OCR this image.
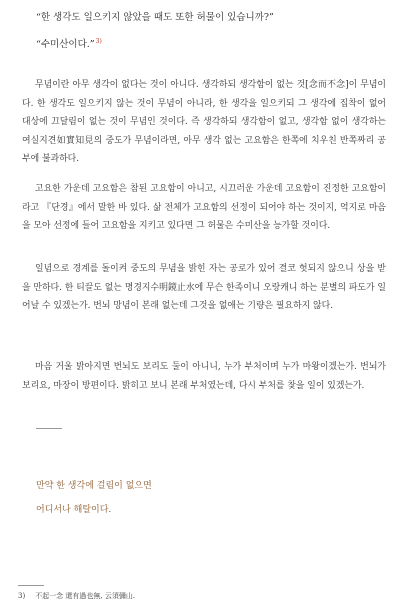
“한 생각도 일으키지 않았을 때도 또한 허물이 있습니까?”
“수미산이다.”$^{3)}$

무념이란 아무 생각이 없다는 것이 아니다. 생각하되 생각함이 없는 것[念而不念]이 무념이다. 한 생각도 일으키지 않는 것이 무념이 아니라, 한 생각을 일으키되 그 생각에 집착이 없어 대상에 끄달림이 없는 것이 무념인 것이다. 즉 생각하되 생각함이 없고, 생각함 없이 생각하는 여실지견如實知見의 중도가 무념이라면, 아무 생각 없는 고요함은 한쪽에 치우친 반쪽짜리 공부에 불과하다.

고요한 가운데 고요함은 참된 고요함이 아니고, 시끄러운 가운데 고요함이 진정한 고요함이라고 『단경』에서 말한 바 있다. 삶 전체가 고요함의 선정이 되어야 하는 것이지, 억지로 마음을 모아 선정에 들어 고요함을 지키고 있다면 그 허물은 수미산을 능가할 것이다.

일념으로 경계를 돌이켜 중도의 무념을 밝힌 자는 공로가 있어 결코 헛되지 않으니 상을 받을 만하다. 한 티끌도 없는 명경지수明鏡止水에 무슨 한족이니 오랑캐니 하는 분별의 파도가 일어날 수 있겠는가. 번뇌 망념이 본래 없는데 그것을 없애는 기량은 필요하지 않다.

마음 거울 밝아지면 번뇌도 보리도 둘이 아니니, 누가 부처이며 누가 마왕이겠는가. 번뇌가 보리요, 마장이 방편이다. 밝히고 보니 본래 부처였는데, 다시 부처를 찾을 일이 있겠는가.

만약 한 생각에 걸림이 없으면
어디서나 해탈이다.
3) 不起一念 還有過也無, 云須彌山.
